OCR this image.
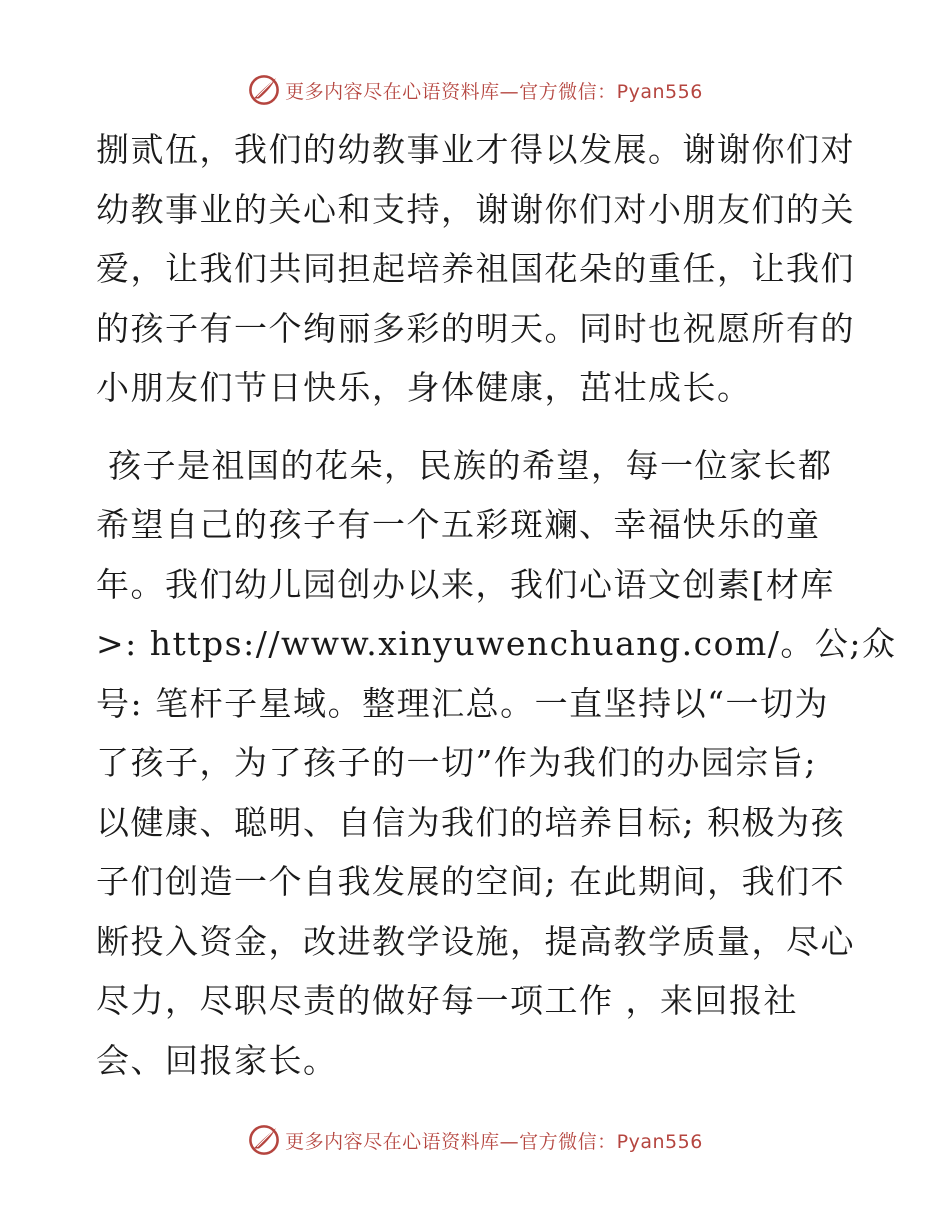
更多内容尽在心语资料库—官方微信：Pyan556
捌贰伍，我们的幼教事业才得以发展。谢谢你们对
幼教事业的关心和支持，谢谢你们对小朋友们的关
爱，让我们共同担起培养祖国花朵的重任，让我们
的孩子有一个绚丽多彩的明天。同时也祝愿所有的
小朋友们节日快乐，身体健康，茁壮成长。
孩子是祖国的花朵，民族的希望，每一位家长都
希望自己的孩子有一个五彩斑斓、幸福快乐的童
年。我们幼儿园创办以来，我们心语文创素[材库
>: https://www.xinyuwenchuang.com/。公;众
号: 笔杆子星域。整理汇总。一直坚持以“一切为
了孩子，为了孩子的一切”作为我们的办园宗旨;
以健康、聪明、自信为我们的培养目标; 积极为孩
子们创造一个自我发展的空间; 在此期间，我们不
断投入资金，改进教学设施，提高教学质量，尽心
尽力，尽职尽责的做好每一项工作 ，来回报社
会、回报家长。
更多内容尽在心语资料库—官方微信：Pyan556
